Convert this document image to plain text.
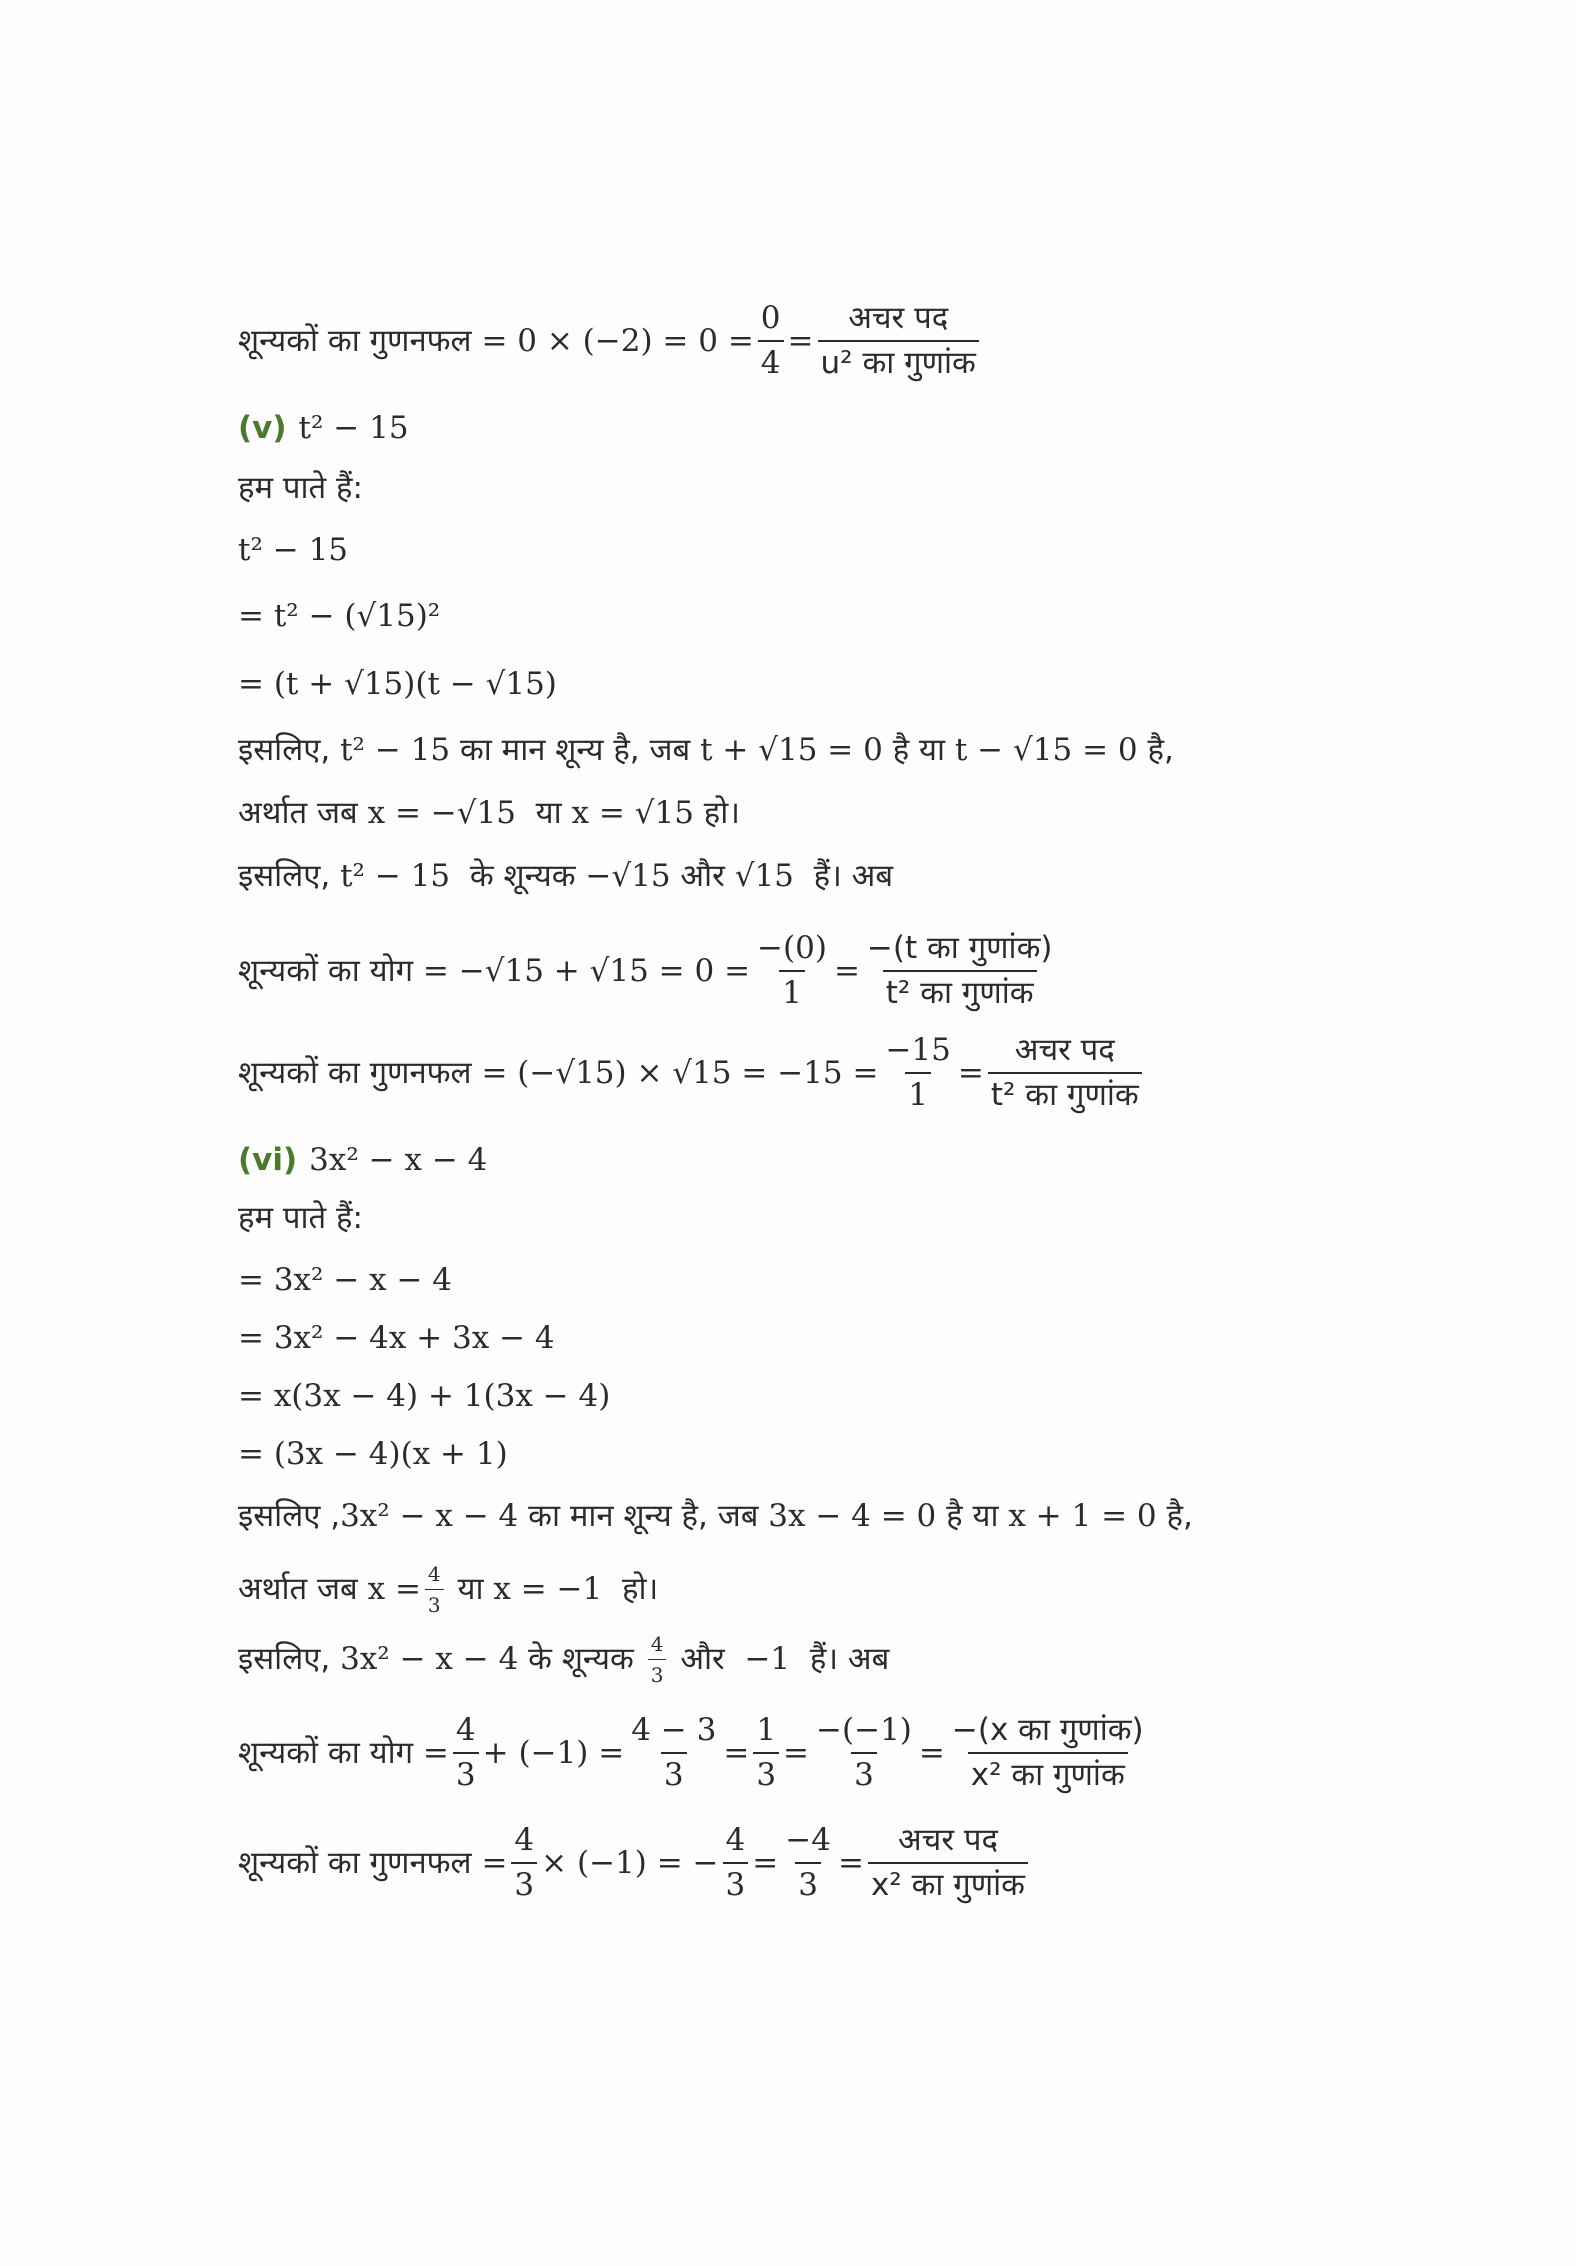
शून्यकों का गुणनफल
= $0 \times (-2) = 0 = \frac{0}{4} = \frac{\text{अचर पद}}{\text{u² का गुणांक}}$
(v) t² − 15
हम पाते हैं:
t² − 15
= t² − (√15)²
= (t + √15)(t − √15)
इसलिए,
t² − 15
का मान शून्य है, जब
t + √15 = 0
है या
t − √15 = 0
है,
अर्थात जब
x = −√15
या
x = √15
हो।
इसलिए,
t² − 15
के शून्यक
−√15
और
√15
हैं। अब
शून्यकों का योग
= $-√15 + √15 = 0 = \frac{-(0)}{1} = \frac{\text{−(t का गुणांक)}}{\text{t² का गुणांक}}$
शून्यकों का गुणनफल
= $(-√15) \times √15 = -15 = \frac{-15}{1} = \frac{\text{अचर पद}}{\text{t² का गुणांक}}$
(vi) 3x² − x − 4
हम पाते हैं:
= 3x² − x − 4
= 3x² − 4x + 3x − 4
= x(3x − 4) + 1(3x − 4)
= (3x − 4)(x + 1)
इसलिए , 3x² − x − 4
का मान शून्य है, जब
3x − 4 = 0
है या
x + 1 = 0
है,
अर्थात जब
$x = \frac{4}{3}$
या
x = −1
हो।
इसलिए,
3x² − x − 4
के शून्यक
$\frac{4}{3}$
और
−1
हैं। अब
शून्यकों का योग
= $\frac{4}{3} + (-1) = \frac{4 - 3}{3} = \frac{1}{3} = \frac{-(-1)}{3} = \frac{\text{−(x का गुणांक)}}{\text{x² का गुणांक}}$
शून्यकों का गुणनफल
= $\frac{4}{3} \times (-1)$ = − $\frac{4}{3} = \frac{-4}{3} = \frac{\text{अचर पद}}{\text{x² का गुणांक}}$
